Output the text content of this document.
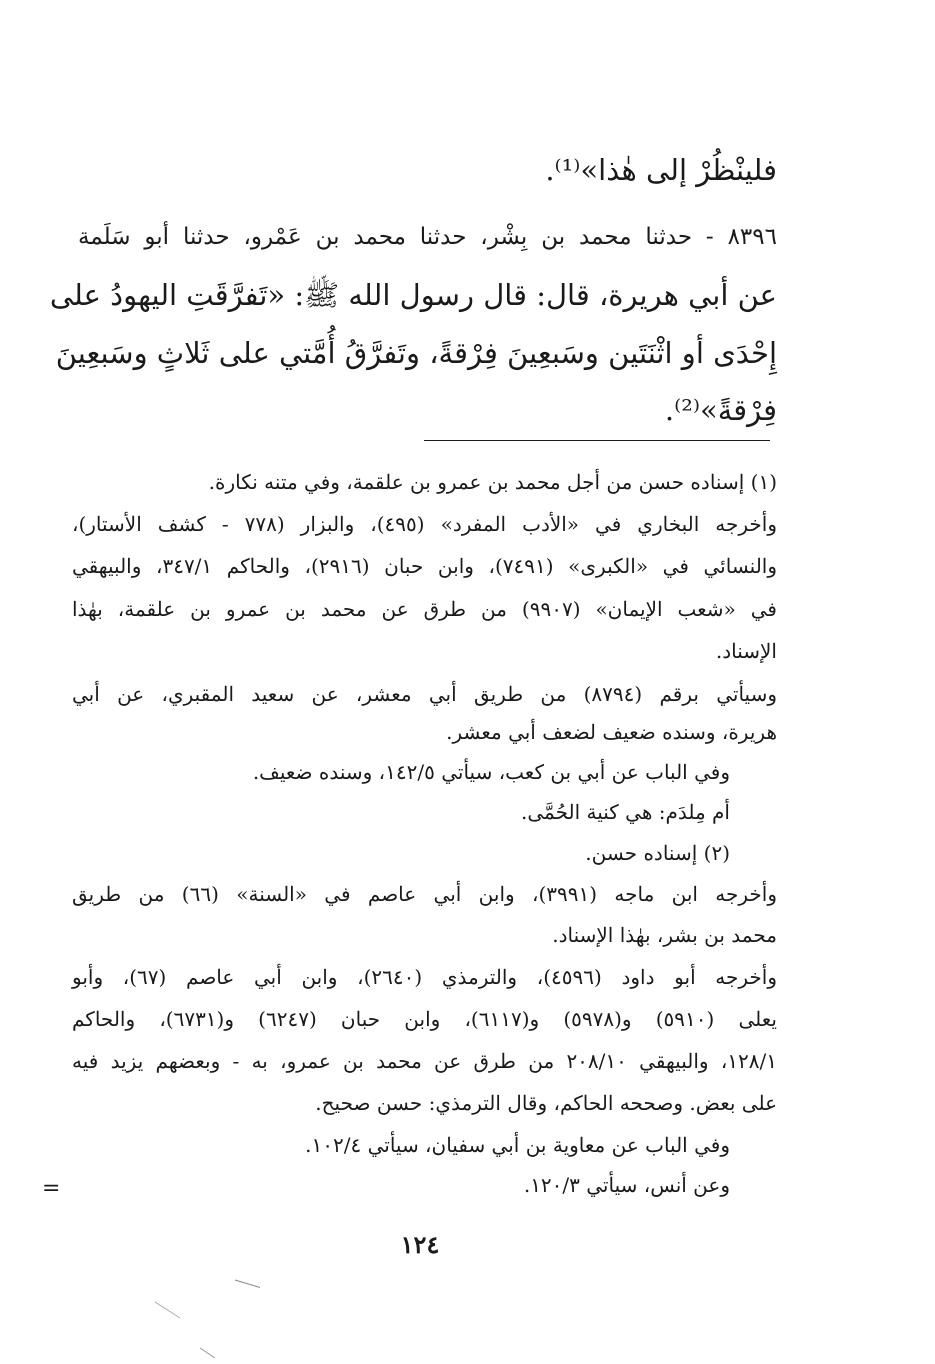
فلينْظُرْ إلى هٰذا»⁽¹⁾.
٨٣٩٦ - حدثنا محمد بن بِشْر، حدثنا محمد بن عَمْرو، حدثنا أبو سَلَمة
عن أبي هريرة، قال: قال رسول الله ﷺ: «تَفرَّقَتِ اليهودُ على
إِحْدَى أو اثْنَتَين وسَبعِينَ فِرْقةً، وتَفرَّقُ أُمَّتي على ثَلاثٍ وسَبعِينَ
فِرْقةً»⁽²⁾.
(١) إسناده حسن من أجل محمد بن عمرو بن علقمة، وفي متنه نكارة.
وأخرجه البخاري في «الأدب المفرد» (٤٩٥)، والبزار (٧٧٨ - كشف الأستار)،
والنسائي في «الكبرى» (٧٤٩١)، وابن حبان (٢٩١٦)، والحاكم ٣٤٧/١، والبيهقي
في «شعب الإيمان» (٩٩٠٧) من طرق عن محمد بن عمرو بن علقمة، بهٰذا
الإسناد.
وسيأتي برقم (٨٧٩٤) من طريق أبي معشر، عن سعيد المقبري، عن أبي
هريرة، وسنده ضعيف لضعف أبي معشر.
وفي الباب عن أبي بن كعب، سيأتي ١٤٢/٥، وسنده ضعيف.
أم مِلدَم: هي كنية الحُمَّى.
(٢) إسناده حسن.
وأخرجه ابن ماجه (٣٩٩١)، وابن أبي عاصم في «السنة» (٦٦) من طريق
محمد بن بشر، بهٰذا الإسناد.
وأخرجه أبو داود (٤٥٩٦)، والترمذي (٢٦٤٠)، وابن أبي عاصم (٦٧)، وأبو
يعلى (٥٩١٠) و(٥٩٧٨) و(٦١١٧)، وابن حبان (٦٢٤٧) و(٦٧٣١)، والحاكم
١٢٨/١، والبيهقي ٢٠٨/١٠ من طرق عن محمد بن عمرو، به - وبعضهم يزيد فيه
على بعض. وصححه الحاكم، وقال الترمذي: حسن صحيح.
وفي الباب عن معاوية بن أبي سفيان، سيأتي ١٠٢/٤.
وعن أنس، سيأتي ١٢٠/٣.
١٢٤
=
